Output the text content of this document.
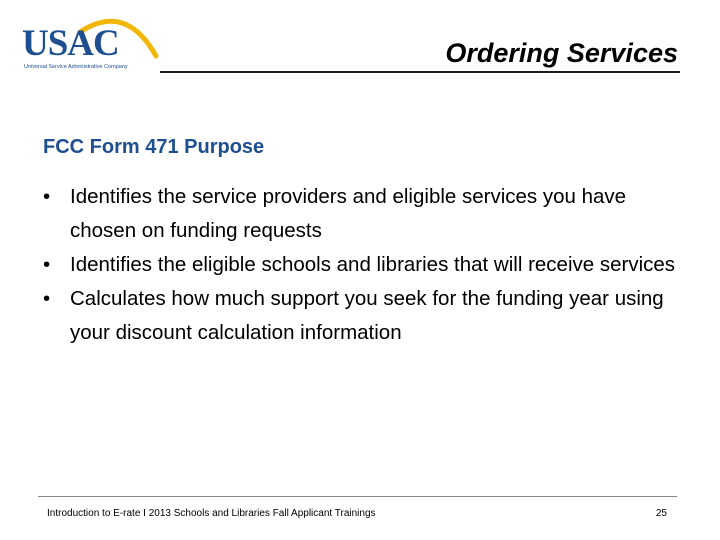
USAC
Universal Service Administrative Company	Ordering Services
FCC Form 471 Purpose
• Identifies the service providers and eligible services you have chosen on funding requests
• Identifies the eligible schools and libraries that will receive services
• Calculates how much support you seek for the funding year using your discount calculation information
Introduction to E-rate I 2013 Schools and Libraries Fall Applicant Trainings	25
